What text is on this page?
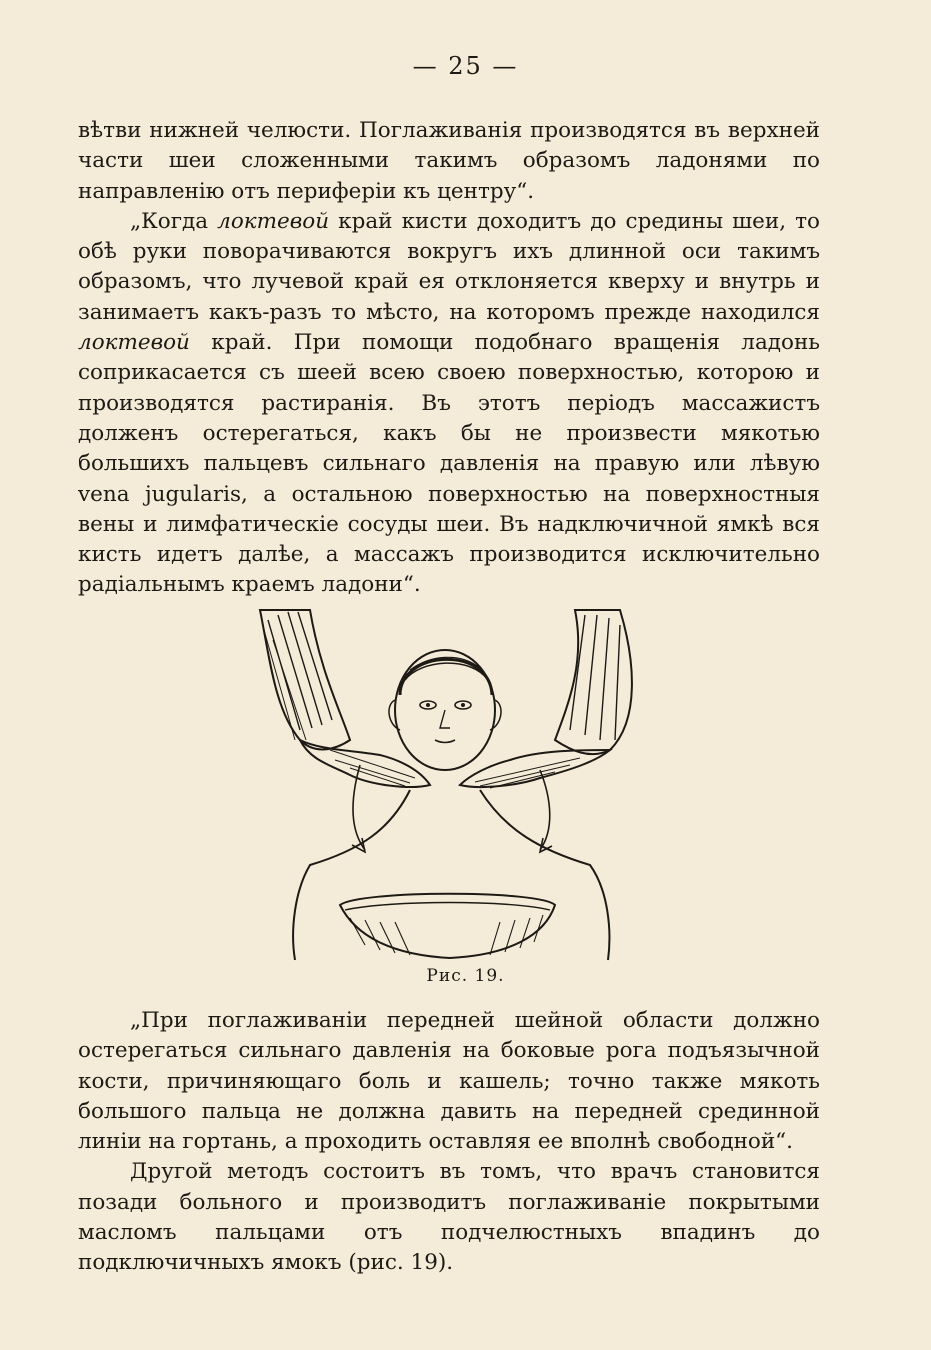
— 25 —

вѣтви нижней челюсти. Поглаживанія производятся въ верхней части шеи сложенными такимъ образомъ ладонями по направленію отъ периферіи къ центру“.

„Когда локтевой край кисти доходитъ до средины шеи, то обѣ руки поворачиваются вокругъ ихъ длинной оси такимъ образомъ, что лучевой край ея отклоняется кверху и внутрь и занимаетъ какъ-разъ то мѣсто, на которомъ прежде находился локтевой край. При помощи подобнаго вращенія ладонь соприкасается съ шеей всею своею поверхностью, которою и производятся растиранія. Въ этотъ періодъ массажистъ долженъ остерегаться, какъ бы не произвести мякотью большихъ пальцевъ сильнаго давленія на правую или лѣвую vena jugularis, а остальною поверхностью на поверхностныя вены и лимфатическіе сосуды шеи. Въ надключичной ямкѣ вся кисть идетъ далѣе, а массажъ производится исключительно радіальнымъ краемъ ладони“.

Рис. 19.

„При поглаживаніи передней шейной области должно остерегаться сильнаго давленія на боковые рога подъязычной кости, причиняющаго боль и кашель; точно также мякоть большого пальца не должна давить на передней срединной линіи на гортань, а проходить оставляя ее вполнѣ свободной“.

Другой методъ состоитъ въ томъ, что врачъ становится позади больного и производитъ поглаживаніе покрытыми масломъ пальцами отъ подчелюстныхъ впадинъ до подключичныхъ ямокъ (рис. 19).
